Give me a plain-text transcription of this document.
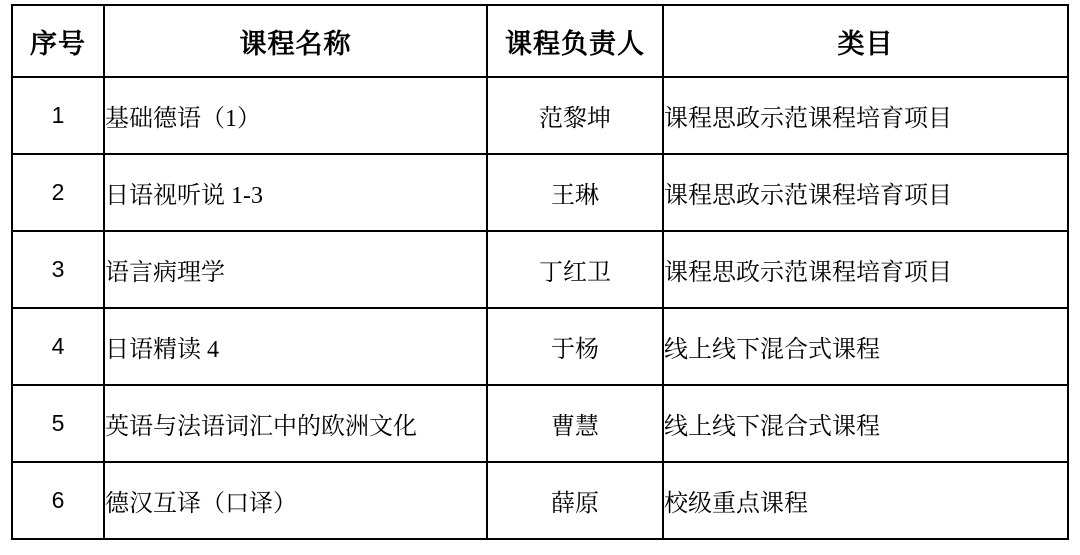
序号	课程名称	课程负责人	类目
1	基础德语（1）	范黎坤	课程思政示范课程培育项目
2	日语视听说 1-3	王琳	课程思政示范课程培育项目
3	语言病理学	丁红卫	课程思政示范课程培育项目
4	日语精读 4	于杨	线上线下混合式课程
5	英语与法语词汇中的欧洲文化	曹慧	线上线下混合式课程
6	德汉互译（口译）	薛原	校级重点课程
